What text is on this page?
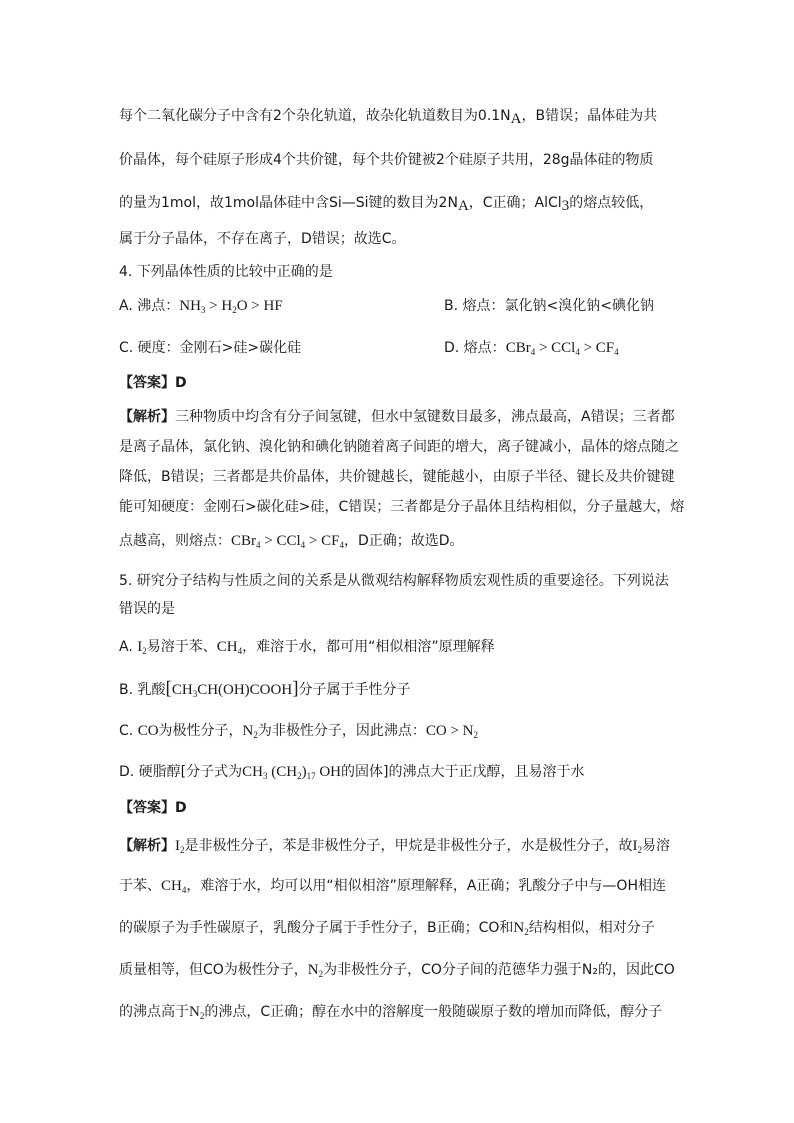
每个二氧化碳分子中含有2个杂化轨道，故杂化轨道数目为$0.1N_A$，B错误；晶体硅为共
价晶体，每个硅原子形成4个共价键，每个共价键被2个硅原子共用，28g晶体硅的物质
的量为1mol，故1mol晶体硅中含Si—Si键的数目为$2N_A$，C正确；AlCl$_3$的熔点较低，
属于分子晶体，不存在离子，D错误；故选C。
4. 下列晶体性质的比较中正确的是
A. 沸点：$NH_3 > H_2O$ > HF	B. 熔点：氯化钠<溴化钠<碘化钠
C. 硬度：金刚石>硅>碳化硅	D. 熔点：$CBr_4 > CCl_4 > CF_4$
【答案】D
【解析】三种物质中均含有分子间氢键，但水中氢键数目最多，沸点最高，A错误；三者都
是离子晶体，氯化钠、溴化钠和碘化钠随着离子间距的增大，离子键减小，晶体的熔点随之
降低，B错误；三者都是共价晶体，共价键越长，键能越小，由原子半径、键长及共价键键
能可知硬度：金刚石>碳化硅>硅，C错误；三者都是分子晶体且结构相似，分子量越大，熔
点越高，则熔点：$CBr_4 > CCl_4 > CF_4$，D正确；故选D。
5. 研究分子结构与性质之间的关系是从微观结构解释物质宏观性质的重要途径。下列说法
错误的是
A. $I_2$易溶于苯、$CH_4$，难溶于水，都可用“相似相溶”原理解释
B. 乳酸$[CH_3CH(OH)COOH]$分子属于手性分子
C. CO为极性分子，$N_2$为非极性分子，因此沸点：CO > $N_2$
D. 硬脂醇[分子式为$CH_3$ $(CH_2)_{17}$ OH的固体]的沸点大于正戊醇，且易溶于水
【答案】D
【解析】$I_2$是非极性分子，苯是非极性分子，甲烷是非极性分子，水是极性分子，故$I_2$易溶
于苯、$CH_4$，难溶于水，均可以用“相似相溶”原理解释，A正确；乳酸分子中与—OH相连
的碳原子为手性碳原子，乳酸分子属于手性分子，B正确；CO和$N_2$结构相似，相对分子
质量相等，但CO为极性分子，$N_2$为非极性分子，CO分子间的范德华力强于N₂的，因此CO
的沸点高于$N_2$的沸点，C正确；醇在水中的溶解度一般随碳原子数的增加而降低，醇分子
